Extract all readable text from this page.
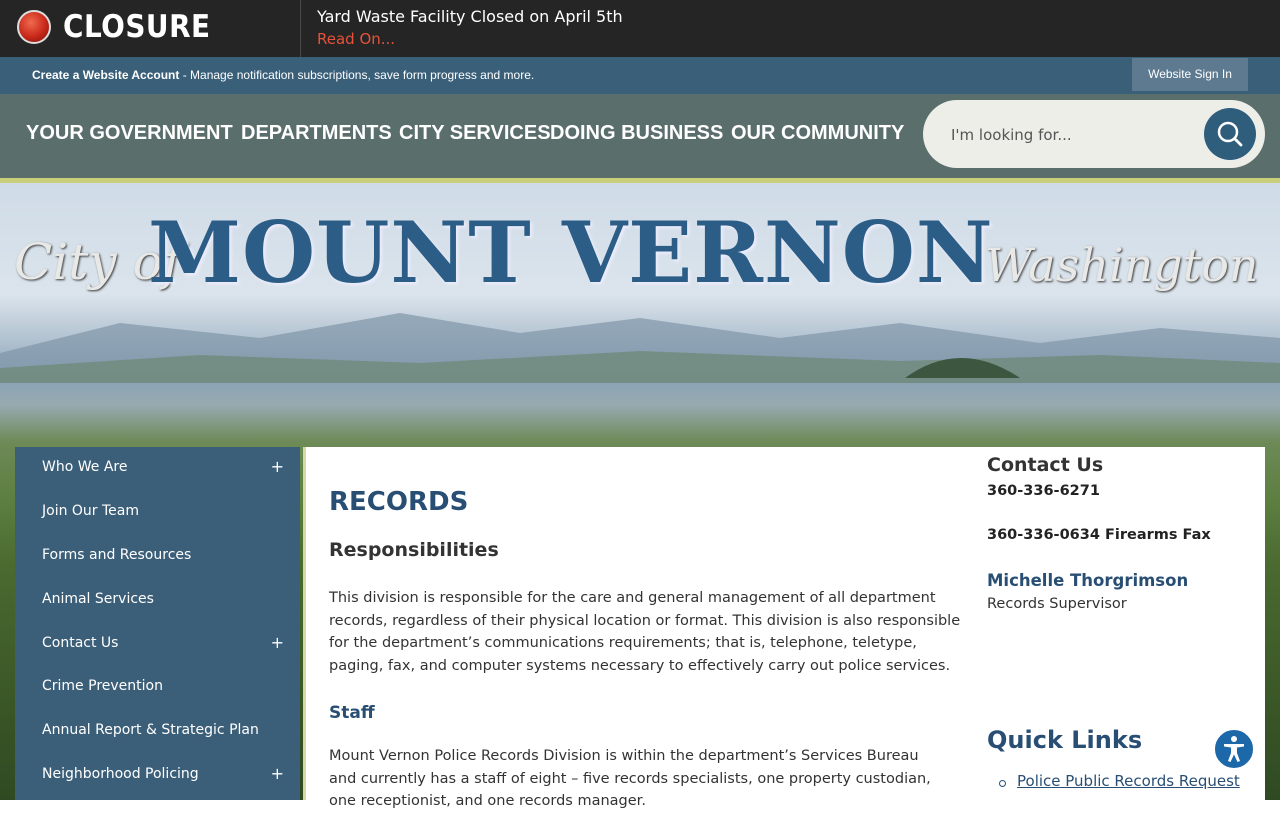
CLOSURE	Yard Waste Facility Closed on April 5th
Read On...
Create a Website Account - Manage notification subscriptions, save form progress and more.	Website Sign In
YOUR GOVERNMENT DEPARTMENTS CITY SERVICES DOING BUSINESS OUR COMMUNITY
I'm looking for...
City of
MOUNT VERNON
Washington
Who We Are	+
Join Our Team
Forms and Resources
Animal Services
Contact Us	+
Crime Prevention
Annual Report & Strategic Plan
Neighborhood Policing	+
RECORDS
Responsibilities
This division is responsible for the care and general management of all department records, regardless of their physical location or format. This division is also responsible for the department’s communications requirements; that is, telephone, teletype, paging, fax, and computer systems necessary to effectively carry out police services.
Staff
Mount Vernon Police Records Division is within the department’s Services Bureau and currently has a staff of eight – five records specialists, one property custodian, one receptionist, and one records manager.
Contact Us
360-336-6271
360-336-0634 Firearms Fax
Michelle Thorgrimson
Records Supervisor
Quick Links
Police Public Records Request
